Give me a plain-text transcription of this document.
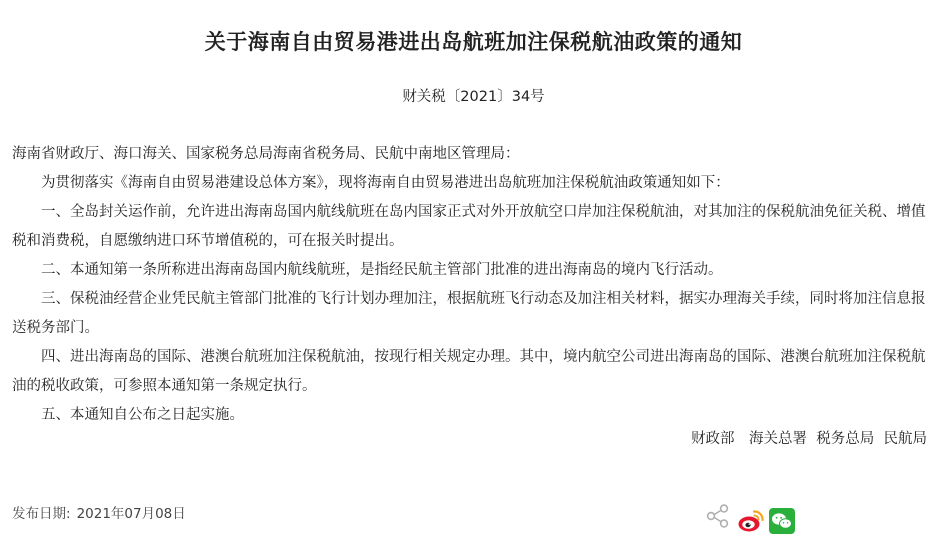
关于海南自由贸易港进出岛航班加注保税航油政策的通知
财关税〔2021〕34号

海南省财政厅、海口海关、国家税务总局海南省税务局、民航中南地区管理局：

为贯彻落实《海南自由贸易港建设总体方案》，现将海南自由贸易港进出岛航班加注保税航油政策通知如下：

一、全岛封关运作前，允许进出海南岛国内航线航班在岛内国家正式对外开放航空口岸加注保税航油，对其加注的保税航油免征关税、增值税和消费税，自愿缴纳进口环节增值税的，可在报关时提出。

二、本通知第一条所称进出海南岛国内航线航班，是指经民航主管部门批准的进出海南岛的境内飞行活动。

三、保税油经营企业凭民航主管部门批准的飞行计划办理加注，根据航班飞行动态及加注相关材料，据实办理海关手续，同时将加注信息报送税务部门。

四、进出海南岛的国际、港澳台航班加注保税航油，按现行相关规定办理。其中，境内航空公司进出海南岛的国际、港澳台航班加注保税航油的税收政策，可参照本通知第一条规定执行。

五、本通知自公布之日起实施。

财政部　海关总署  税务总局  民航局
发布日期: 2021年07月08日
